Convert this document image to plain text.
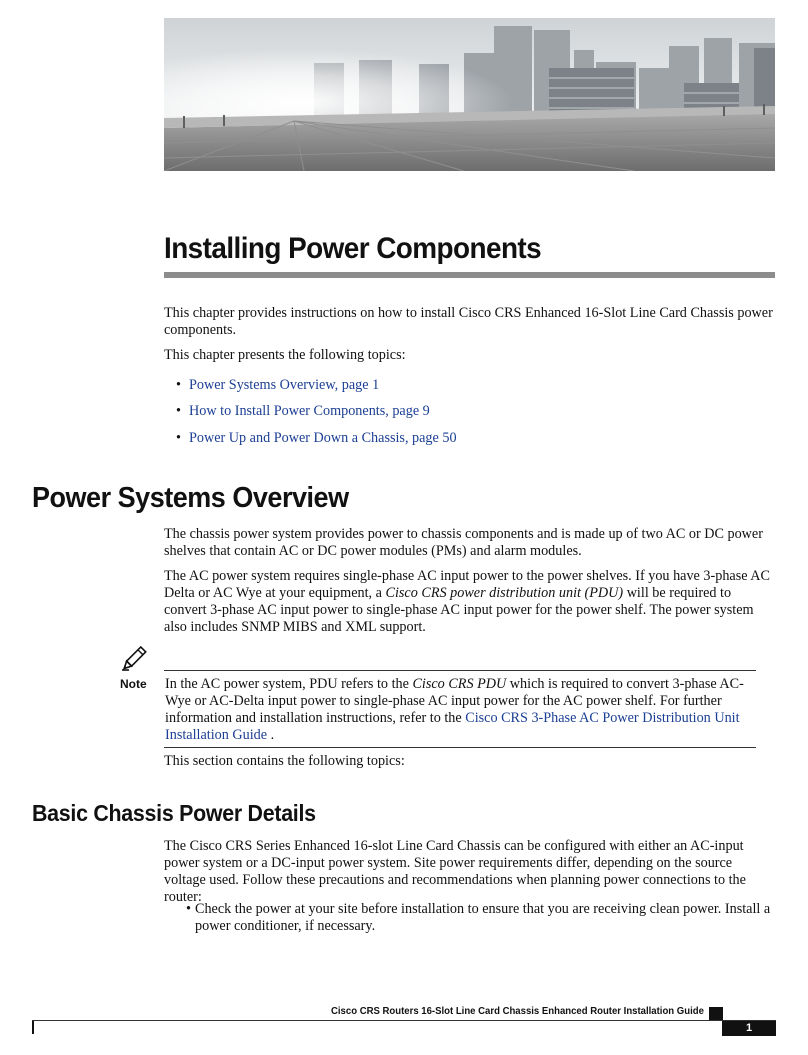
Installing Power Components
This chapter provides instructions on how to install Cisco CRS Enhanced 16-Slot Line Card Chassis power components.
This chapter presents the following topics:
• Power Systems Overview, page 1
• How to Install Power Components, page 9
• Power Up and Power Down a Chassis, page 50
Power Systems Overview
The chassis power system provides power to chassis components and is made up of two AC or DC power shelves that contain AC or DC power modules (PMs) and alarm modules.
The AC power system requires single-phase AC input power to the power shelves. If you have 3-phase AC Delta or AC Wye at your equipment, a Cisco CRS power distribution unit (PDU) will be required to convert 3-phase AC input power to single-phase AC input power for the power shelf. The power system also includes SNMP MIBS and XML support.
Note In the AC power system, PDU refers to the Cisco CRS PDU which is required to convert 3-phase AC-Wye or AC-Delta input power to single-phase AC input power for the AC power shelf. For further information and installation instructions, refer to the Cisco CRS 3-Phase AC Power Distribution Unit Installation Guide .
This section contains the following topics:
Basic Chassis Power Details
The Cisco CRS Series Enhanced 16-slot Line Card Chassis can be configured with either an AC-input power system or a DC-input power system. Site power requirements differ, depending on the source voltage used. Follow these precautions and recommendations when planning power connections to the router:
• Check the power at your site before installation to ensure that you are receiving clean power. Install a power conditioner, if necessary.
Cisco CRS Routers 16-Slot Line Card Chassis Enhanced Router Installation Guide
1
